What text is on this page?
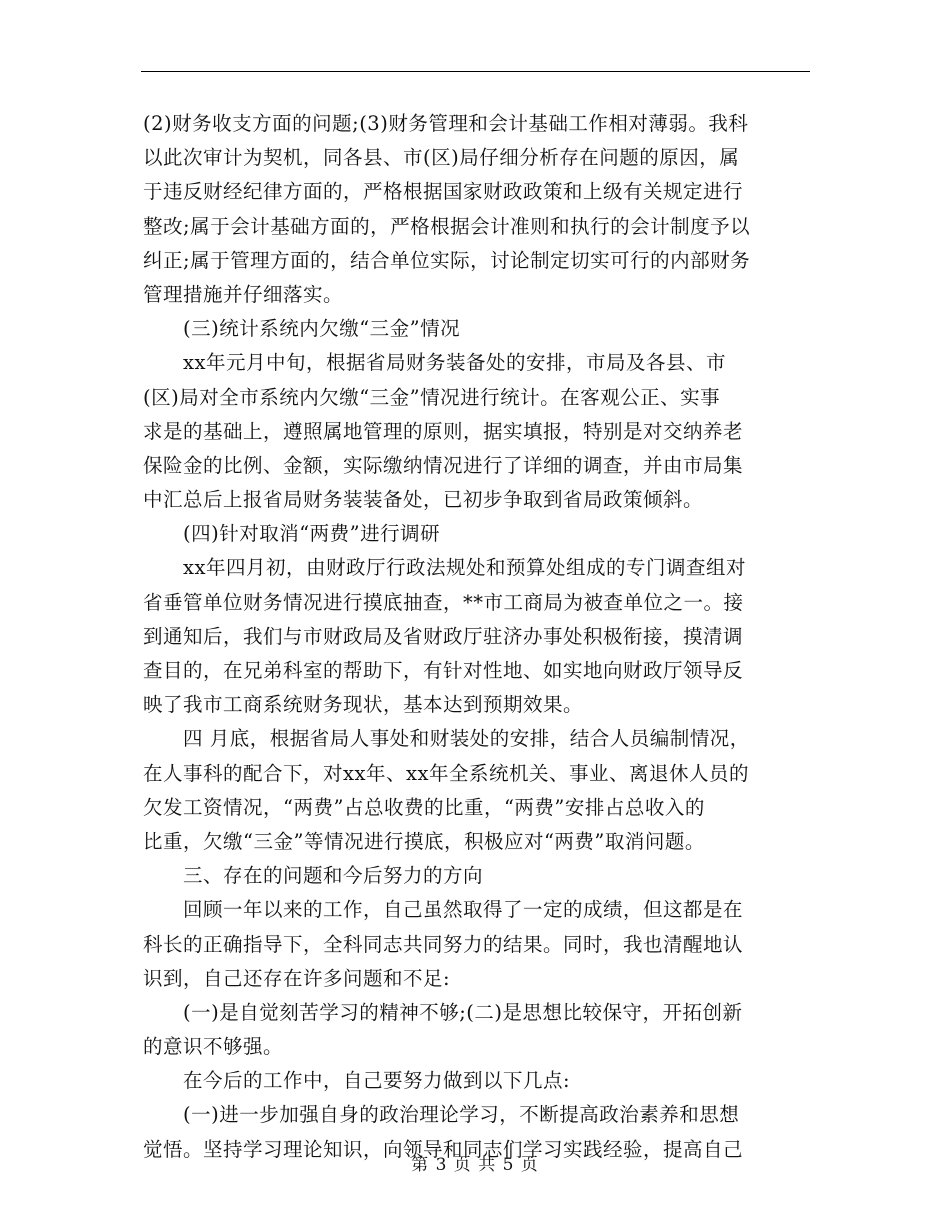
(2)财务收支方面的问题;(3)财务管理和会计基础工作相对薄弱。我科
以此次审计为契机，同各县、市(区)局仔细分析存在问题的原因，属
于违反财经纪律方面的，严格根据国家财政政策和上级有关规定进行
整改;属于会计基础方面的，严格根据会计准则和执行的会计制度予以
纠正;属于管理方面的，结合单位实际，讨论制定切实可行的内部财务
管理措施并仔细落实。
(三)统计系统内欠缴“三金”情况
xx年元月中旬，根据省局财务装备处的安排，市局及各县、市
(区)局对全市系统内欠缴“三金”情况进行统计。在客观公正、实事
求是的基础上，遵照属地管理的原则，据实填报，特别是对交纳养老
保险金的比例、金额，实际缴纳情况进行了详细的调查，并由市局集
中汇总后上报省局财务装装备处，已初步争取到省局政策倾斜。
(四)针对取消“两费”进行调研
xx年四月初，由财政厅行政法规处和预算处组成的专门调查组对
省垂管单位财务情况进行摸底抽查，**市工商局为被查单位之一。接
到通知后，我们与市财政局及省财政厅驻济办事处积极衔接，摸清调
查目的，在兄弟科室的帮助下，有针对性地、如实地向财政厅领导反
映了我市工商系统财务现状，基本达到预期效果。
四 月底，根据省局人事处和财装处的安排，结合人员编制情况，
在人事科的配合下，对xx年、xx年全系统机关、事业、离退休人员的
欠发工资情况，“两费”占总收费的比重，“两费”安排占总收入的
比重，欠缴“三金”等情况进行摸底，积极应对“两费”取消问题。
三、存在的问题和今后努力的方向
回顾一年以来的工作，自己虽然取得了一定的成绩，但这都是在
科长的正确指导下，全科同志共同努力的结果。同时，我也清醒地认
识到，自己还存在许多问题和不足:
(一)是自觉刻苦学习的精神不够;(二)是思想比较保守，开拓创新
的意识不够强。
在今后的工作中，自己要努力做到以下几点:
(一)进一步加强自身的政治理论学习，不断提高政治素养和思想
觉悟。坚持学习理论知识，向领导和同志们学习实践经验，提高自己
第 3 页 共 5 页
